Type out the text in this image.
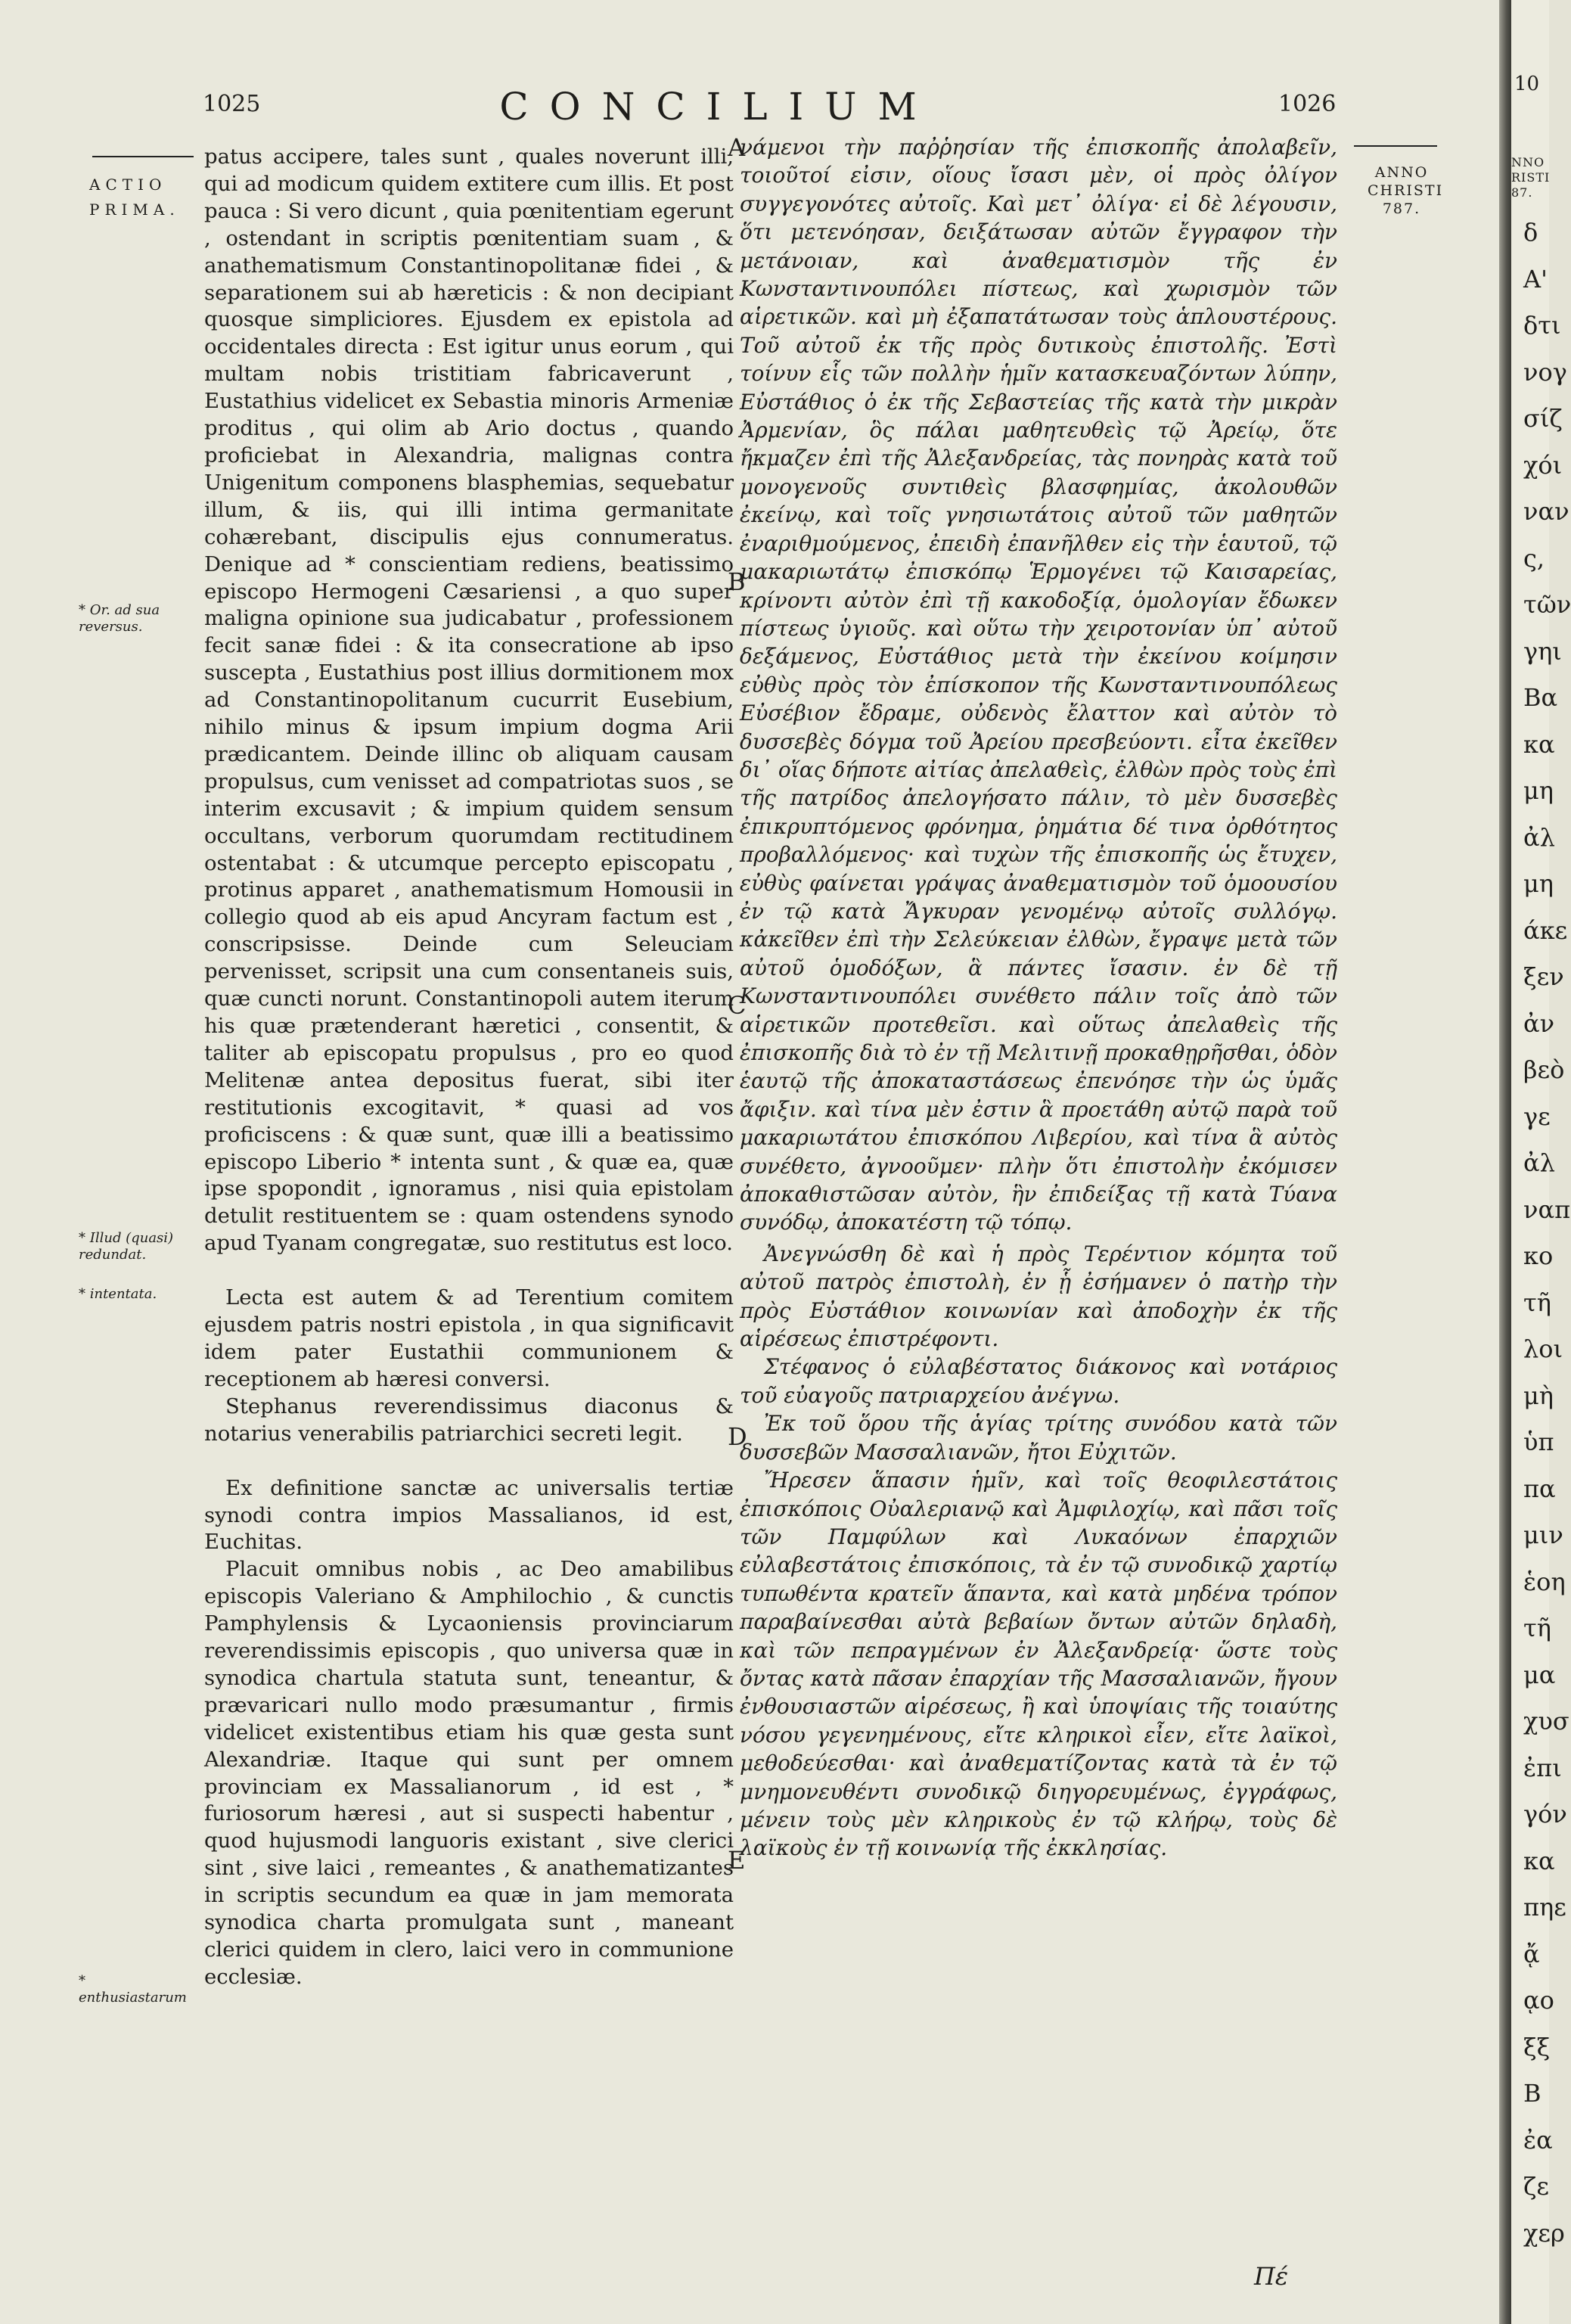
1025	CONCILIUM	1026
ACTIO
PRIMA.
* Or. ad sua reversus.
* Illud (quasi) redundat.
* intentata.
* enthusiastarum

patus accipere, tales sunt , quales noverunt illi, qui ad modicum quidem extitere cum illis. Et post pauca : Si vero dicunt , quia pœnitentiam egerunt , ostendant in scriptis pœnitentiam suam , & anathematismum Constantinopolitanæ fidei , & separationem sui ab hæreticis : & non decipiant quosque simpliciores. Ejusdem ex epistola ad occidentales directa : Est igitur unus eorum , qui multam nobis tristitiam fabricaverunt , Eustathius videlicet ex Sebastia minoris Armeniæ proditus , qui olim ab Ario doctus , quando proficiebat in Alexandria, malignas contra Unigenitum componens blasphemias, sequebatur illum, & iis, qui illi intima germanitate cohærebant, discipulis ejus connumeratus. Denique ad * conscientiam rediens, beatissimo episcopo Hermogeni Cæsariensi , a quo super maligna opinione sua judicabatur , professionem fecit sanæ fidei : & ita consecratione ab ipso suscepta , Eustathius post illius dormitionem mox ad Constantinopolitanum cucurrit Eusebium, nihilo minus & ipsum impium dogma Arii prædicantem. Deinde illinc ob aliquam causam propulsus, cum venisset ad compatriotas suos , se interim excusavit ; & impium quidem sensum occultans, verborum quorumdam rectitudinem ostentabat : & utcumque percepto episcopatu , protinus apparet , anathematismum Homousii in collegio quod ab eis apud Ancyram factum est , conscripsisse. Deinde cum Seleuciam pervenisset, scripsit una cum consentaneis suis, quæ cuncti norunt. Constantinopoli autem iterum his quæ prætenderant hæretici , consentit, & taliter ab episcopatu propulsus , pro eo quod Melitenæ antea depositus fuerat, sibi iter restitutionis excogitavit, * quasi ad vos proficiscens : & quæ sunt, quæ illi a beatissimo episcopo Liberio * intenta sunt , & quæ ea, quæ ipse spopondit , ignoramus , nisi quia epistolam detulit restituentem se : quam ostendens synodo apud Tyanam congregatæ, suo restitutus est loco.

Lecta est autem & ad Terentium comitem ejusdem patris nostri epistola , in qua significavit idem pater Eustathii communionem & receptionem ab hæresi conversi.

Stephanus reverendissimus diaconus & notarius venerabilis patriarchici secreti legit.

Ex definitione sanctæ ac universalis tertiæ synodi contra impios Massalianos, id est, Euchitas.

Placuit omnibus nobis , ac Deo amabilibus episcopis Valeriano & Amphilochio , & cunctis Pamphylensis & Lycaoniensis provinciarum reverendissimis episcopis , quo universa quæ in synodica chartula statuta sunt, teneantur, & prævaricari nullo modo præsumantur , firmis videlicet existentibus etiam his quæ gesta sunt Alexandriæ. Itaque qui sunt per omnem provinciam ex Massalianorum , id est , * furiosorum hæresi , aut si suspecti habentur , quod hujusmodi languoris existant , sive clerici sint , sive laici , remeantes , & anathematizantes in scriptis secundum ea quæ in jam memorata synodica charta promulgata sunt , maneant clerici quidem in clero, laici vero in communione ecclesiæ.

A
B
C
D
E

νάμενοι τὴν παῤῥησίαν τῆς ἐπισκοπῆς ἀπολαβεῖν, τοιοῦτοί εἰσιν, οἵους ἴσασι μὲν, οἱ πρὸς ὀλίγον συγγεγονότες αὐτοῖς. Καὶ μετ᾽ ὀλίγα· εἰ δὲ λέγουσιν, ὅτι μετενόησαν, δειξάτωσαν αὐτῶν ἔγγραφον τὴν μετάνοιαν, καὶ ἀναθεματισμὸν τῆς ἐν Κωνσταντινουπόλει πίστεως, καὶ χωρισμὸν τῶν αἱρετικῶν. καὶ μὴ ἐξαπατάτωσαν τοὺς ἁπλουστέρους. Τοῦ αὐτοῦ ἐκ τῆς πρὸς δυτικοὺς ἐπιστολῆς. Ἐστὶ τοίνυν εἷς τῶν πολλὴν ἡμῖν κατασκευαζόντων λύπην, Εὐστάθιος ὁ ἐκ τῆς Σεβαστείας τῆς κατὰ τὴν μικρὰν Ἀρμενίαν, ὃς πάλαι μαθητευθεὶς τῷ Ἀρείῳ, ὅτε ἤκμαζεν ἐπὶ τῆς Ἀλεξανδρείας, τὰς πονηρὰς κατὰ τοῦ μονογενοῦς συντιθεὶς βλασφημίας, ἀκολουθῶν ἐκείνῳ, καὶ τοῖς γνησιωτάτοις αὐτοῦ τῶν μαθητῶν ἐναριθμούμενος, ἐπειδὴ ἐπανῆλθεν εἰς τὴν ἑαυτοῦ, τῷ μακαριωτάτῳ ἐπισκόπῳ Ἑρμογένει τῷ Καισαρείας, κρίνοντι αὐτὸν ἐπὶ τῇ κακοδοξίᾳ, ὁμολογίαν ἔδωκεν πίστεως ὑγιοῦς. καὶ οὕτω τὴν χειροτονίαν ὑπ᾽ αὐτοῦ δεξάμενος, Εὐστάθιος μετὰ τὴν ἐκείνου κοίμησιν εὐθὺς πρὸς τὸν ἐπίσκοπον τῆς Κωνσταντινουπόλεως Εὐσέβιον ἔδραμε, οὐδενὸς ἔλαττον καὶ αὐτὸν τὸ δυσσεβὲς δόγμα τοῦ Ἀρείου πρεσβεύοντι. εἶτα ἐκεῖθεν δι᾽ οἵας δήποτε αἰτίας ἀπελαθεὶς, ἐλθὼν πρὸς τοὺς ἐπὶ τῆς πατρίδος ἀπελογήσατο πάλιν, τὸ μὲν δυσσεβὲς ἐπικρυπτόμενος φρόνημα, ῥημάτια δέ τινα ὀρθότητος προβαλλόμενος· καὶ τυχὼν τῆς ἐπισκοπῆς ὡς ἔτυχεν, εὐθὺς φαίνεται γράψας ἀναθεματισμὸν τοῦ ὁμοουσίου ἐν τῷ κατὰ Ἄγκυραν γενομένῳ αὐτοῖς συλλόγῳ. κἀκεῖθεν ἐπὶ τὴν Σελεύκειαν ἐλθὼν, ἔγραψε μετὰ τῶν αὐτοῦ ὁμοδόξων, ἃ πάντες ἴσασιν. ἐν δὲ τῇ Κωνσταντινουπόλει συνέθετο πάλιν τοῖς ἀπὸ τῶν αἱρετικῶν προτεθεῖσι. καὶ οὕτως ἀπελαθεὶς τῆς ἐπισκοπῆς διὰ τὸ ἐν τῇ Μελιτινῇ προκαθῃρῆσθαι, ὁδὸν ἑαυτῷ τῆς ἀποκαταστάσεως ἐπενόησε τὴν ὡς ὑμᾶς ἄφιξιν. καὶ τίνα μὲν ἐστιν ἃ προετάθη αὐτῷ παρὰ τοῦ μακαριωτάτου ἐπισκόπου Λιβερίου, καὶ τίνα ἃ αὐτὸς συνέθετο, ἀγνοοῦμεν· πλὴν ὅτι ἐπιστολὴν ἐκόμισεν ἀποκαθιστῶσαν αὐτὸν, ἣν ἐπιδείξας τῇ κατὰ Τύανα συνόδῳ, ἀποκατέστη τῷ τόπῳ.

Ἀνεγνώσθη δὲ καὶ ἡ πρὸς Τερέντιον κόμητα τοῦ αὐτοῦ πατρὸς ἐπιστολὴ, ἐν ᾗ ἐσήμανεν ὁ πατὴρ τὴν πρὸς Εὐστάθιον κοινωνίαν καὶ ἀποδοχὴν ἐκ τῆς αἱρέσεως ἐπιστρέφοντι.

Στέφανος ὁ εὐλαβέστατος διάκονος καὶ νοτάριος τοῦ εὐαγοῦς πατριαρχείου ἀνέγνω.

Ἐκ τοῦ ὅρου τῆς ἁγίας τρίτης συνόδου κατὰ τῶν δυσσεβῶν Μασσαλιανῶν, ἤτοι Εὐχιτῶν.

Ἤρεσεν ἅπασιν ἡμῖν, καὶ τοῖς θεοφιλεστάτοις ἐπισκόποις Οὐαλεριανῷ καὶ Ἀμφιλοχίῳ, καὶ πᾶσι τοῖς τῶν Παμφύλων καὶ Λυκαόνων ἐπαρχιῶν εὐλαβεστάτοις ἐπισκόποις, τὰ ἐν τῷ συνοδικῷ χαρτίῳ τυπωθέντα κρατεῖν ἅπαντα, καὶ κατὰ μηδένα τρόπον παραβαίνεσθαι αὐτὰ βεβαίων ὄντων αὐτῶν δηλαδὴ, καὶ τῶν πεπραγμένων ἐν Ἀλεξανδρείᾳ· ὥστε τοὺς ὄντας κατὰ πᾶσαν ἐπαρχίαν τῆς Μασσαλιανῶν, ἤγουν ἐνθουσιαστῶν αἱρέσεως, ἢ καὶ ὑποψίαις τῆς τοιαύτης νόσου γεγενημένους, εἴτε κληρικοὶ εἶεν, εἴτε λαϊκοὶ, μεθοδεύεσθαι· καὶ ἀναθεματίζοντας κατὰ τὰ ἐν τῷ μνημονευθέντι συνοδικῷ διηγορευμένως, ἐγγράφως, μένειν τοὺς μὲν κληρικοὺς ἐν τῷ κλήρῳ, τοὺς δὲ λαϊκοὺς ἐν τῇ κοινωνίᾳ τῆς ἐκκλησίας.

ANNO CHRISTI
787.
Πέ
10
NNO RISTI 87.
δ
Α'
δτι
νογ
σίζ
χόι
ναν
ς,
τῶν
γηι
Βα
κα
μη
ἀλ
μη
άκε
ξεν
ἀν
βεὸ
γε
ἀλ
ναπ
κο
τῆ
λοι
μὴ
ὑπ
πα
μιν
ἑοη
τῆ
μα
χυσ
ἐπι
γόν
κα
πηε
ᾄ
ᾳο
ξξ
Β
ἐα
ζε
χερ
